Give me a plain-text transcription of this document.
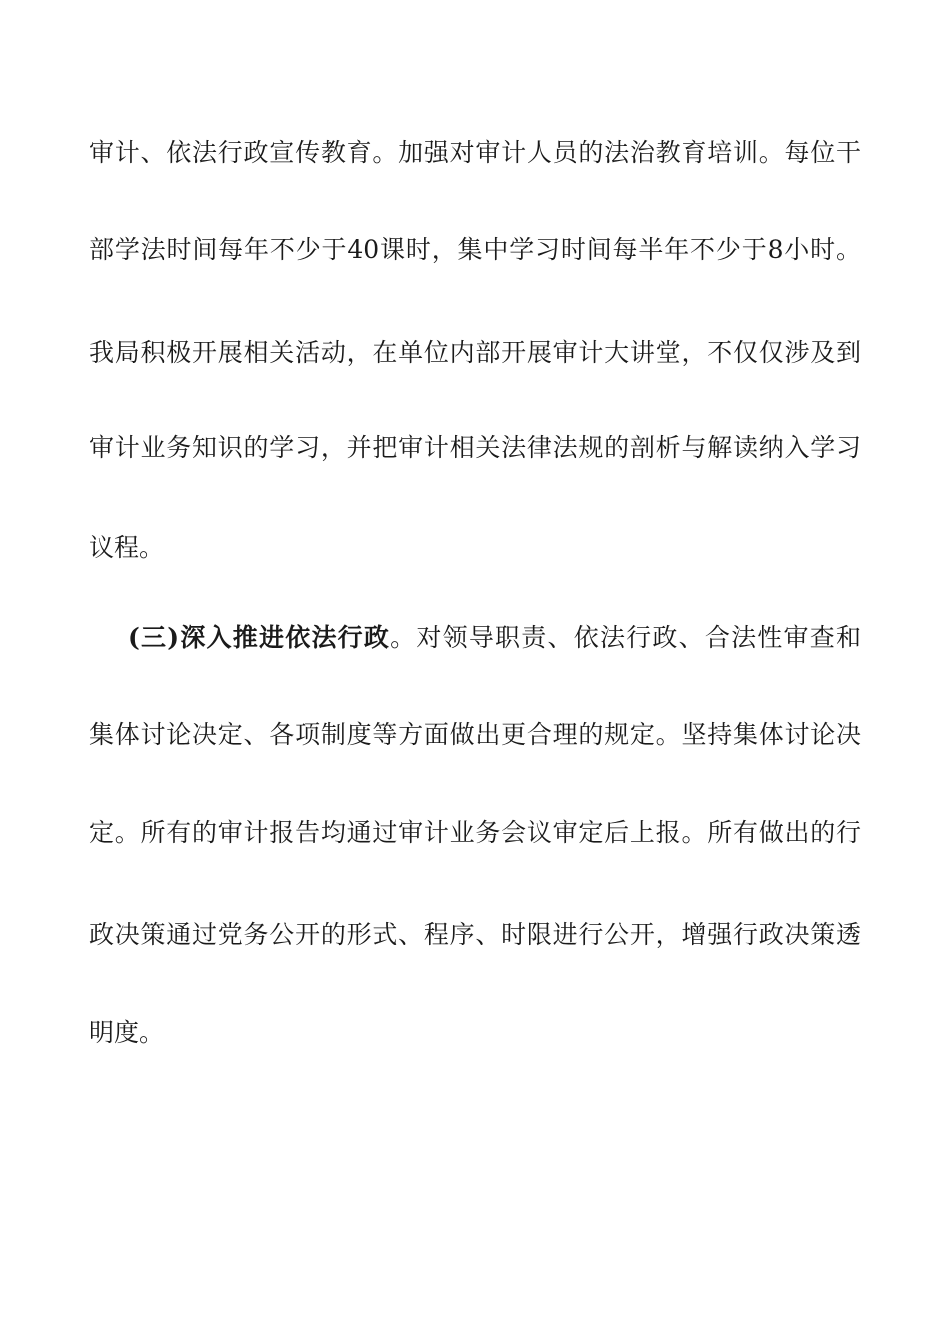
审计、依法行政宣传教育。加强对审计人员的法治教育培训。每位干
部学法时间每年不少于40课时，集中学习时间每半年不少于8小时。
我局积极开展相关活动，在单位内部开展审计大讲堂，不仅仅涉及到
审计业务知识的学习，并把审计相关法律法规的剖析与解读纳入学习
议程。
(三)深入推进依法行政。对领导职责、依法行政、合法性审查和
集体讨论决定、各项制度等方面做出更合理的规定。坚持集体讨论决
定。所有的审计报告均通过审计业务会议审定后上报。所有做出的行
政决策通过党务公开的形式、程序、时限进行公开，增强行政决策透
明度。
